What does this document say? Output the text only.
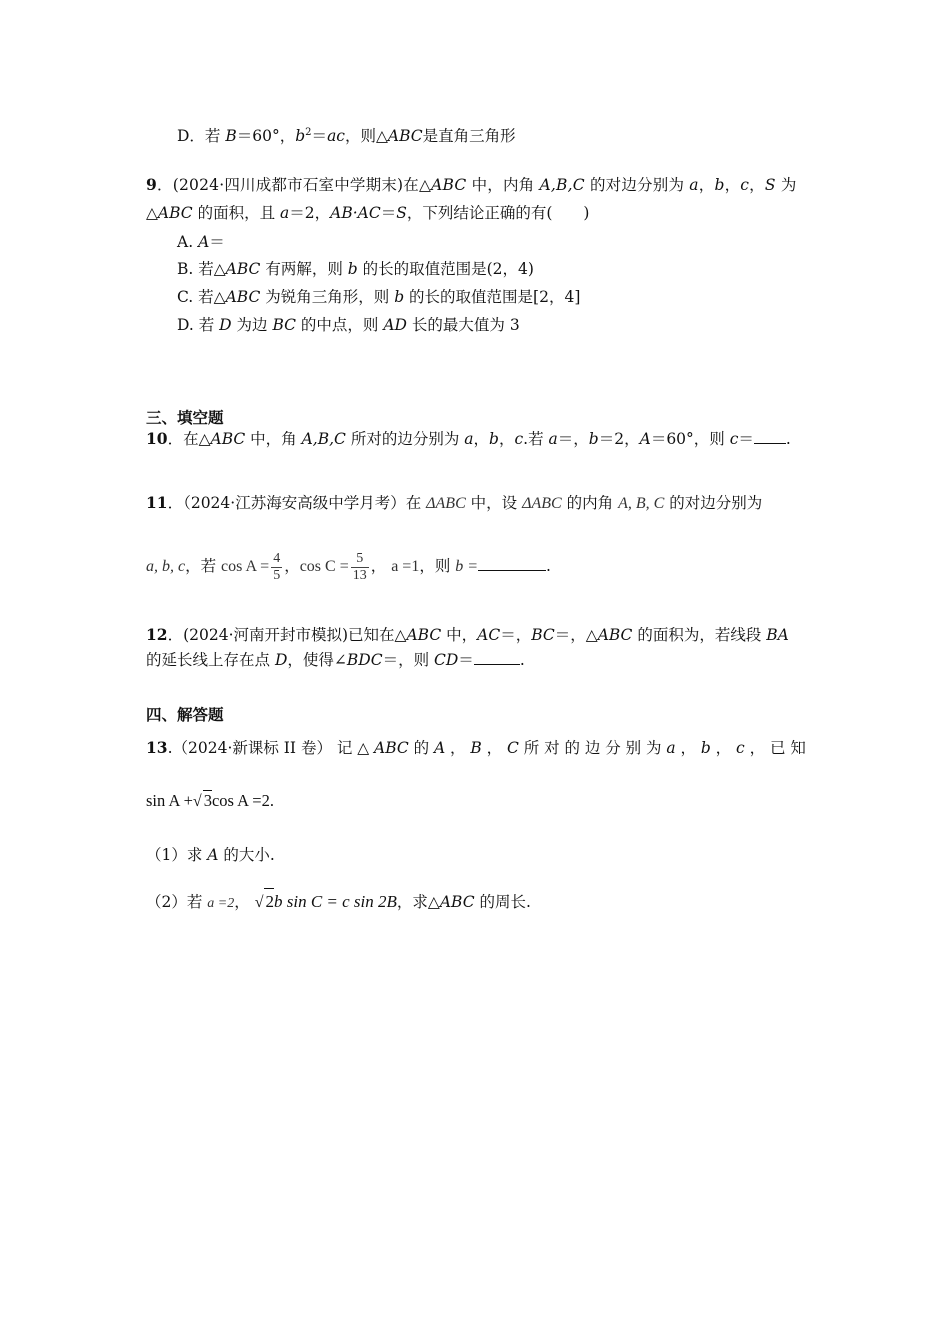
D．若 B＝60°，$b^2=ac$，则△ABC是直角三角形
9．(2024·四川成都市石室中学期末)在△ABC 中，内角 A,B,C 的对边分别为 a，b，c，S 为
△ABC 的面积，且 a＝2，AB·AC＝S，下列结论正确的有(　　)
A. A＝
B. 若△ABC 有两解，则 b 的长的取值范围是(2，4)
C. 若△ABC 为锐角三角形，则 b 的长的取值范围是[2，4]
D. 若 D 为边 BC 的中点，则 AD 长的最大值为 3
三、填空题
10．在△ABC 中，角 A,B,C 所对的边分别为 a，b，c.若 a＝，b＝2，A＝60°，则 c＝ .
11．（2024·江苏海安高级中学月考）在 ΔABC 中，设 ΔABC 的内角 A, B, C 的对边分别为
a, b, c，若 $\cos A = \frac{4}{5}$ ，$\cos C = \frac{5}{13}$ ， a =1，则 b =	.
12．(2024·河南开封市模拟)已知在△ABC 中，AC＝，BC＝，△ABC 的面积为，若线段 BA
的延长线上存在点 D，使得∠BDC＝，则 CD＝	.
四、解答题
13.（2024·新课标 II 卷） 记 △ ABC 的 A ， B ， C 所 对 的 边 分 别 为 a ， b ， c ， 已 知
sin A +√ 3cos A =2.
（1）求 A 的大小.
（2）若 a =2， √ 2b sin C = c sin 2B，求△ABC 的周长.
